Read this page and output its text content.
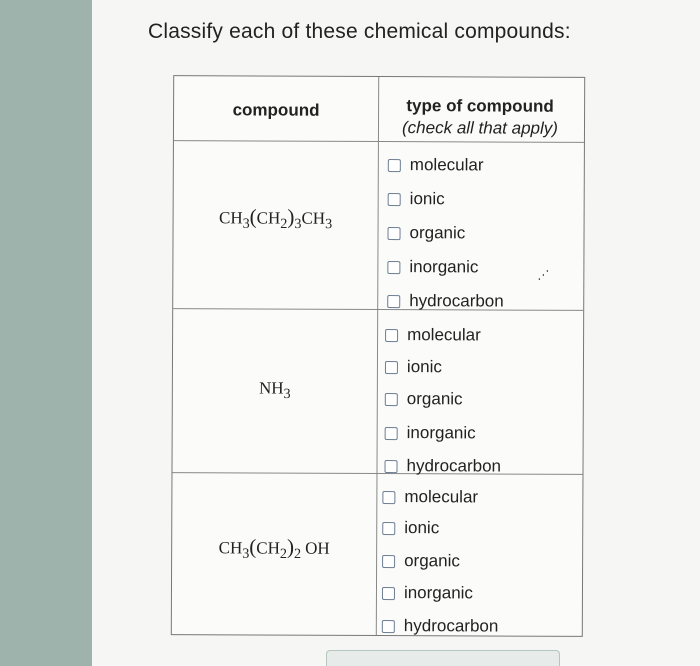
Classify each of these chemical compounds:
compound	type of compound
(check all that apply)
$CH_3(CH_2)_3CH_3$
$NH_3$
$CH_3(CH_2)_2$ OH
molecular
ionic
organic
inorganic
hydrocarbon
molecular
ionic
organic
inorganic
hydrocarbon
molecular
ionic
organic
inorganic
hydrocarbon
⋰
